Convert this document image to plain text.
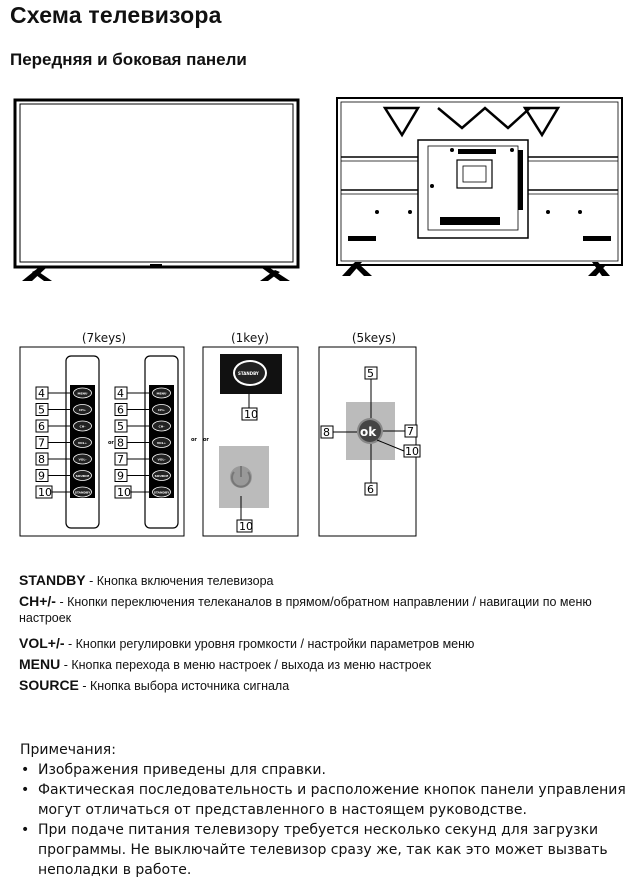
Схема телевизора
Передняя и боковая панели
(7keys)	(1key)	(5keys)
4	MENU
5	CH+
6	CH-
7	VOL+
8	VOL-
9	SOURCE
10	STANDBY
4	MENU
6	CH+
5	CH-
8	VOL+
7	VOL-
9	SOURCE
10	STANDBY
or	or
STANDBY
10
or
10
ok
5
8	7
10
6
STANDBY - Кнопка включения телевизора
CH+/- - Кнопки переключения телеканалов в прямом/обратном направлении / навигации по меню настроек
VOL+/- - Кнопки регулировки уровня громкости / настройки параметров меню
MENU - Кнопка перехода в меню настроек / выхода из меню настроек
SOURCE - Кнопка выбора источника сигнала
Примечания:
• Изображения приведены для справки.
• Фактическая последовательность и расположение кнопок панели управления могут отличаться от представленного в настоящем руководстве.
• При подаче питания телевизору требуется несколько секунд для загрузки программы. Не выключайте телевизор сразу же, так как это может вызвать неполадки в работе.
